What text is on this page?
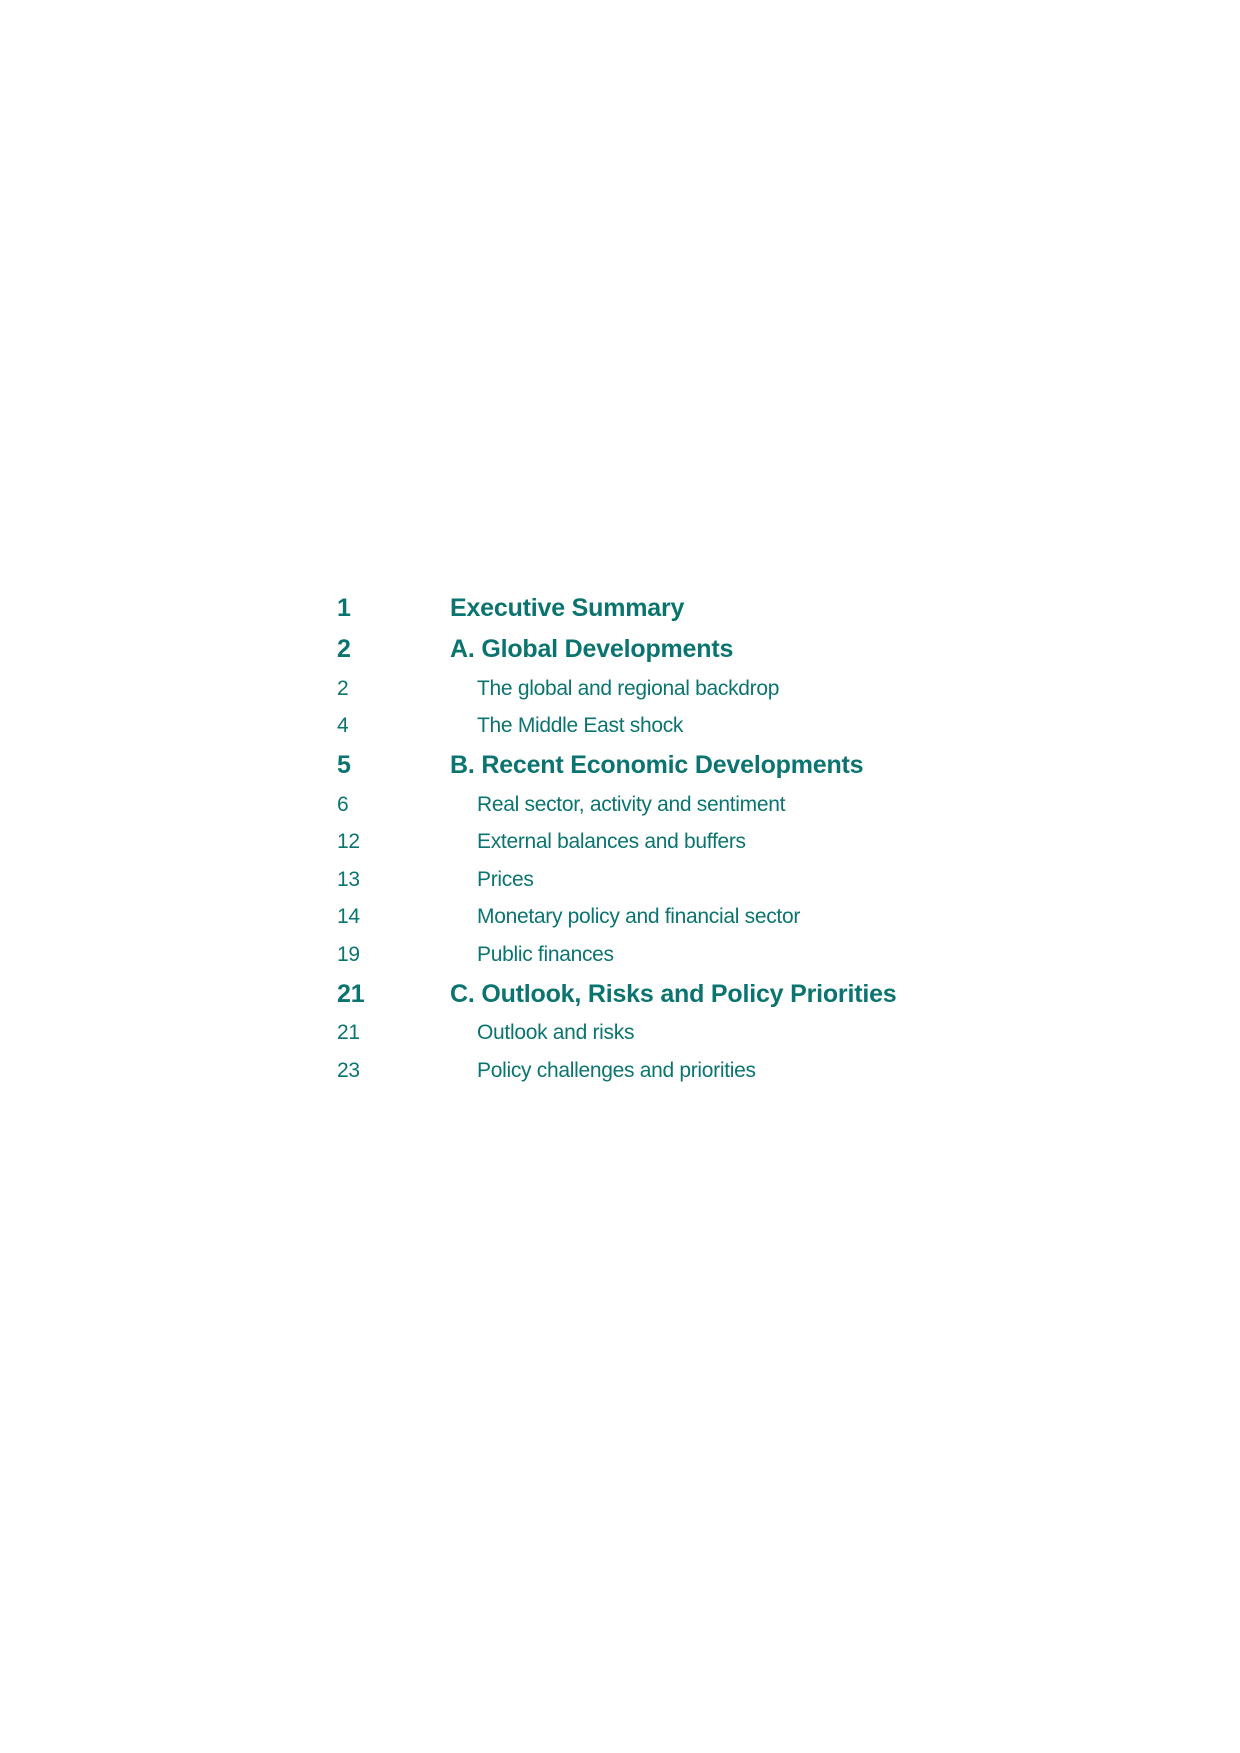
1	Executive Summary
2	A. Global Developments
2	The global and regional backdrop
4	The Middle East shock
5	B. Recent Economic Developments
6	Real sector, activity and sentiment
12	External balances and buffers
13	Prices
14	Monetary policy and financial sector
19	Public finances
21	C. Outlook, Risks and Policy Priorities
21	Outlook and risks
23	Policy challenges and priorities
